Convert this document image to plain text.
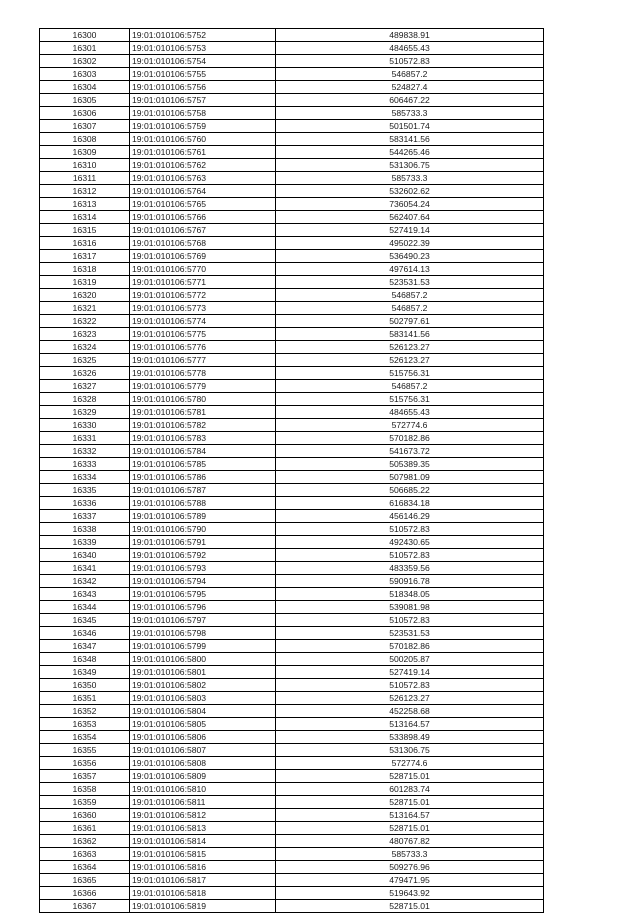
16300	19:01:010106:5752	489838.91
16301	19:01:010106:5753	484655.43
16302	19:01:010106:5754	510572.83
16303	19:01:010106:5755	546857.2
16304	19:01:010106:5756	524827.4
16305	19:01:010106:5757	606467.22
16306	19:01:010106:5758	585733.3
16307	19:01:010106:5759	501501.74
16308	19:01:010106:5760	583141.56
16309	19:01:010106:5761	544265.46
16310	19:01:010106:5762	531306.75
16311	19:01:010106:5763	585733.3
16312	19:01:010106:5764	532602.62
16313	19:01:010106:5765	736054.24
16314	19:01:010106:5766	562407.64
16315	19:01:010106:5767	527419.14
16316	19:01:010106:5768	495022.39
16317	19:01:010106:5769	536490.23
16318	19:01:010106:5770	497614.13
16319	19:01:010106:5771	523531.53
16320	19:01:010106:5772	546857.2
16321	19:01:010106:5773	546857.2
16322	19:01:010106:5774	502797.61
16323	19:01:010106:5775	583141.56
16324	19:01:010106:5776	526123.27
16325	19:01:010106:5777	526123.27
16326	19:01:010106:5778	515756.31
16327	19:01:010106:5779	546857.2
16328	19:01:010106:5780	515756.31
16329	19:01:010106:5781	484655.43
16330	19:01:010106:5782	572774.6
16331	19:01:010106:5783	570182.86
16332	19:01:010106:5784	541673.72
16333	19:01:010106:5785	505389.35
16334	19:01:010106:5786	507981.09
16335	19:01:010106:5787	506685.22
16336	19:01:010106:5788	616834.18
16337	19:01:010106:5789	456146.29
16338	19:01:010106:5790	510572.83
16339	19:01:010106:5791	492430.65
16340	19:01:010106:5792	510572.83
16341	19:01:010106:5793	483359.56
16342	19:01:010106:5794	590916.78
16343	19:01:010106:5795	518348.05
16344	19:01:010106:5796	539081.98
16345	19:01:010106:5797	510572.83
16346	19:01:010106:5798	523531.53
16347	19:01:010106:5799	570182.86
16348	19:01:010106:5800	500205.87
16349	19:01:010106:5801	527419.14
16350	19:01:010106:5802	510572.83
16351	19:01:010106:5803	526123.27
16352	19:01:010106:5804	452258.68
16353	19:01:010106:5805	513164.57
16354	19:01:010106:5806	533898.49
16355	19:01:010106:5807	531306.75
16356	19:01:010106:5808	572774.6
16357	19:01:010106:5809	528715.01
16358	19:01:010106:5810	601283.74
16359	19:01:010106:5811	528715.01
16360	19:01:010106:5812	513164.57
16361	19:01:010106:5813	528715.01
16362	19:01:010106:5814	480767.82
16363	19:01:010106:5815	585733.3
16364	19:01:010106:5816	509276.96
16365	19:01:010106:5817	479471.95
16366	19:01:010106:5818	519643.92
16367	19:01:010106:5819	528715.01
